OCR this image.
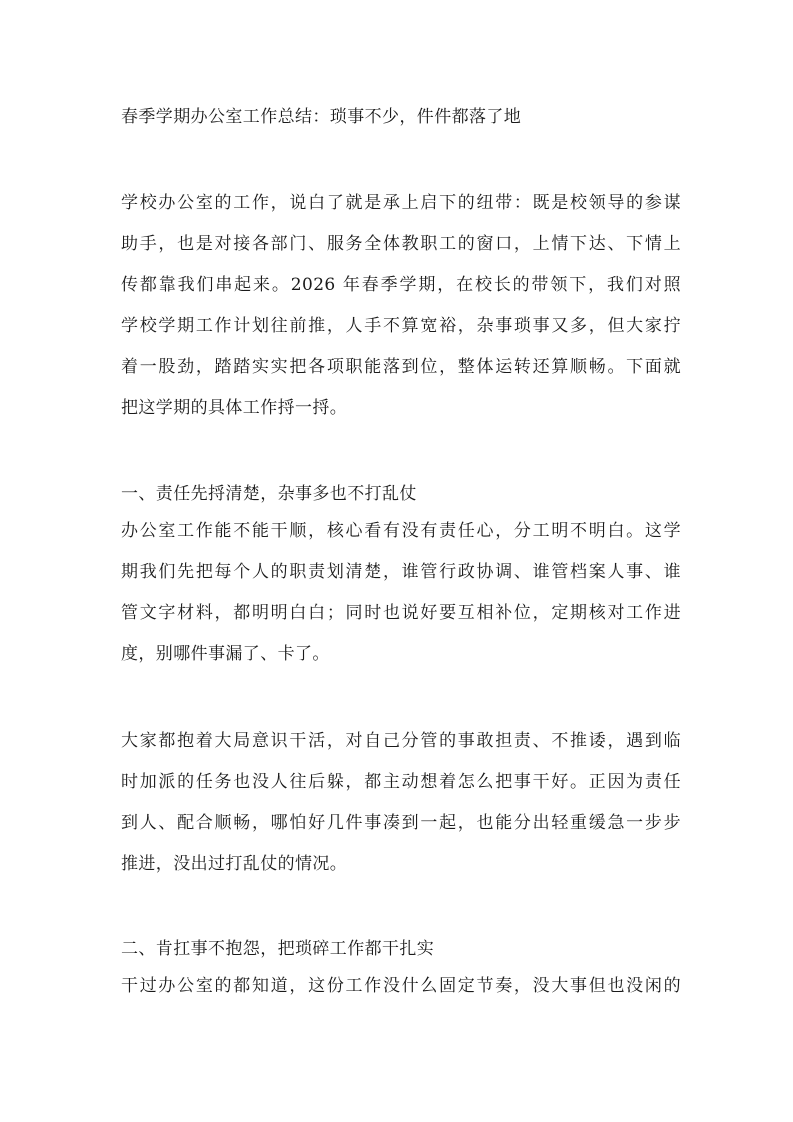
春季学期办公室工作总结：琐事不少，件件都落了地
学校办公室的工作，说白了就是承上启下的纽带：既是校领导的参谋
助手，也是对接各部门、服务全体教职工的窗口，上情下达、下情上
传都靠我们串起来。2026 年春季学期，在校长的带领下，我们对照
学校学期工作计划往前推，人手不算宽裕，杂事琐事又多，但大家拧
着一股劲，踏踏实实把各项职能落到位，整体运转还算顺畅。下面就
把这学期的具体工作捋一捋。
一、责任先捋清楚，杂事多也不打乱仗
办公室工作能不能干顺，核心看有没有责任心，分工明不明白。这学
期我们先把每个人的职责划清楚，谁管行政协调、谁管档案人事、谁
管文字材料，都明明白白；同时也说好要互相补位，定期核对工作进
度，别哪件事漏了、卡了。
大家都抱着大局意识干活，对自己分管的事敢担责、不推诿，遇到临
时加派的任务也没人往后躲，都主动想着怎么把事干好。正因为责任
到人、配合顺畅，哪怕好几件事凑到一起，也能分出轻重缓急一步步
推进，没出过打乱仗的情况。
二、肯扛事不抱怨，把琐碎工作都干扎实
干过办公室的都知道，这份工作没什么固定节奏，没大事但也没闲的
